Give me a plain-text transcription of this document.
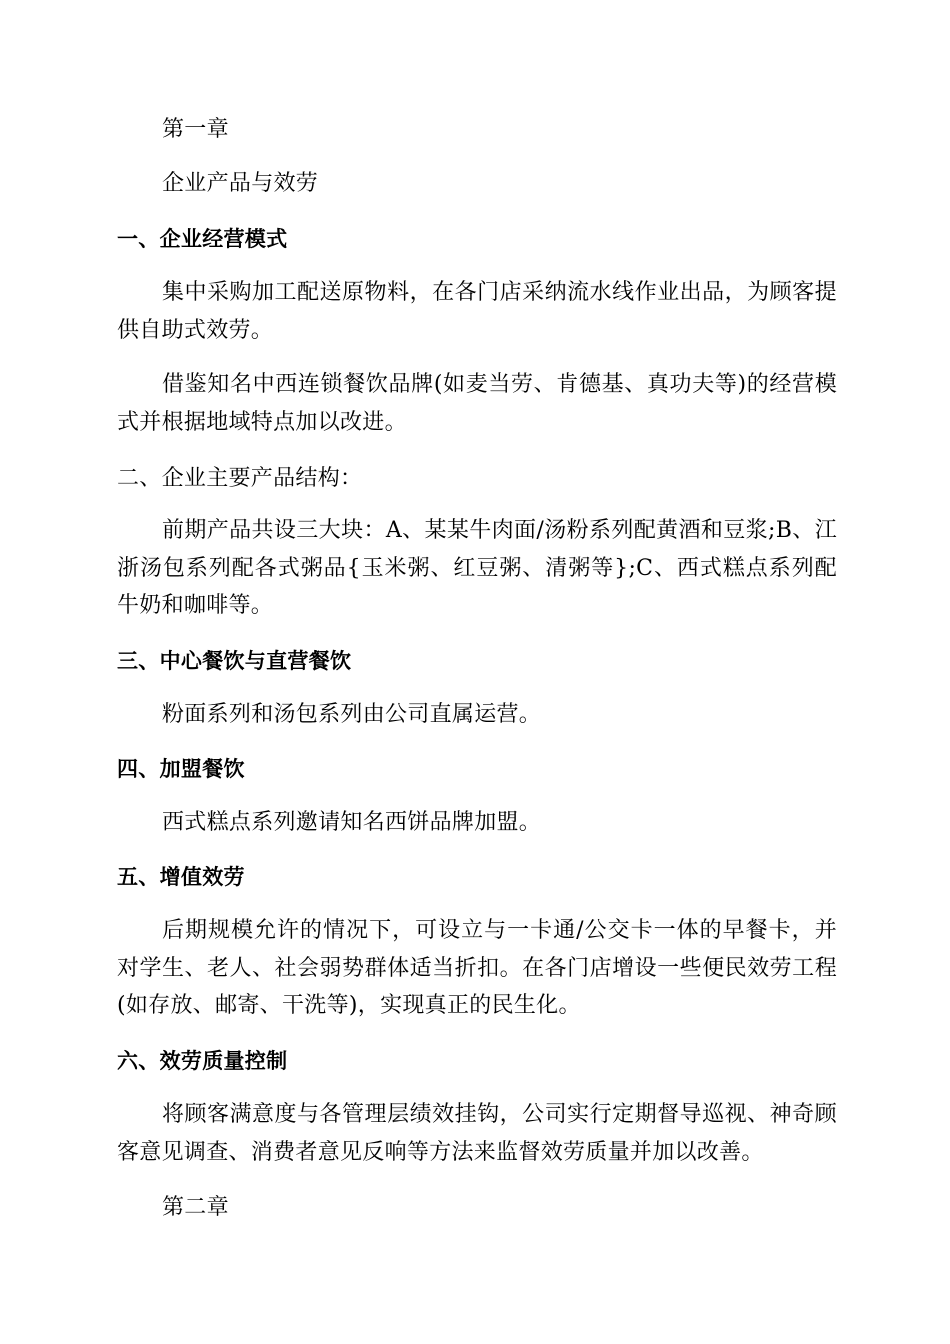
第一章
企业产品与效劳
一、企业经营模式
集中采购加工配送原物料，在各门店采纳流水线作业出品，为顾客提供自助式效劳。
借鉴知名中西连锁餐饮品牌(如麦当劳、肯德基、真功夫等)的经营模式并根据地域特点加以改进。
二、企业主要产品结构：
前期产品共设三大块：A、某某牛肉面/汤粉系列配黄酒和豆浆;B、江浙汤包系列配各式粥品{玉米粥、红豆粥、清粥等};C、西式糕点系列配牛奶和咖啡等。
三、中心餐饮与直营餐饮
粉面系列和汤包系列由公司直属运营。
四、加盟餐饮
西式糕点系列邀请知名西饼品牌加盟。
五、增值效劳
后期规模允许的情况下，可设立与一卡通/公交卡一体的早餐卡，并对学生、老人、社会弱势群体适当折扣。在各门店增设一些便民效劳工程(如存放、邮寄、干洗等)，实现真正的民生化。
六、效劳质量控制
将顾客满意度与各管理层绩效挂钩，公司实行定期督导巡视、神奇顾客意见调查、消费者意见反响等方法来监督效劳质量并加以改善。
第二章
